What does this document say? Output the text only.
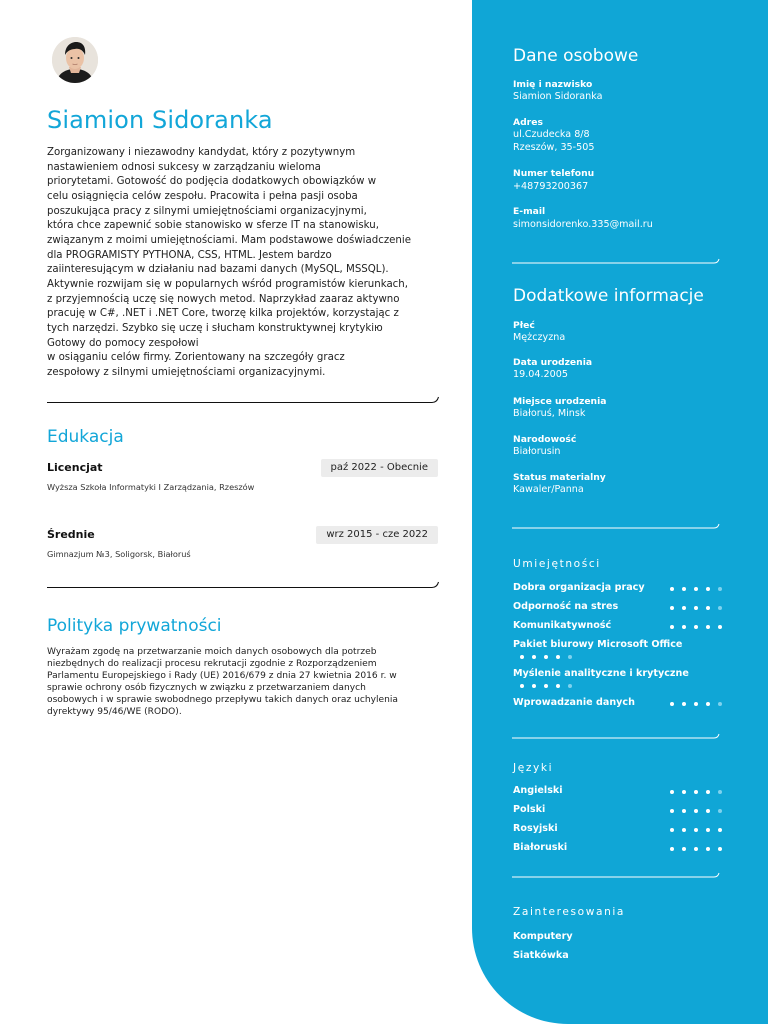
Siamion Sidoranka
Zorganizowany i niezawodny kandydat, który z pozytywnym
nastawieniem odnosi sukcesy w zarządzaniu wieloma
priorytetami. Gotowość do podjęcia dodatkowych obowiązków w
celu osiągnięcia celów zespołu. Pracowita i pełna pasji osoba
poszukująca pracy z silnymi umiejętnościami organizacyjnymi,
która chce zapewnić sobie stanowisko w sferze IT na stanowisku,
związanym z moimi umiejętnościami. Mam podstawowe doświadczenie
dla PROGRAMISTY PYTHONA, CSS, HTML. Jestem bardzo
zaiinteresującym w działaniu nad bazami danych (MySQL, MSSQL).
Aktywnie rozwijam się w popularnych wśród programistów kierunkach,
z przyjemnością uczę się nowych metod. Naprzykład zaaraz aktywno
pracuję w C#, .NET i .NET Core, tworzę kilka projektów, korzystając z
tych narzędzi. Szybko się uczę i słucham konstruktywnej krytykiю
Gotowy do pomocy zespołowi
w osiąganiu celów firmy. Zorientowany na szczegóły gracz
zespołowy z silnymi umiejętnościami organizacyjnymi.
Edukacja
Licencjat	paź 2022 - Obecnie
Wyższa Szkoła Informatyki I Zarządzania, Rzeszów
Średnie	wrz 2015 - cze 2022
Gimnazjum №3, Soligorsk, Białoruś
Polityka prywatności
Wyrażam zgodę na przetwarzanie moich danych osobowych dla potrzeb
niezbędnych do realizacji procesu rekrutacji zgodnie z Rozporządzeniem
Parlamentu Europejskiego i Rady (UE) 2016/679 z dnia 27 kwietnia 2016 r. w
sprawie ochrony osób fizycznych w związku z przetwarzaniem danych
osobowych i w sprawie swobodnego przepływu takich danych oraz uchylenia
dyrektywy 95/46/WE (RODO).
Dane osobowe
Imię i nazwisko
Siamion Sidoranka
Adres
ul.Czudecka 8/8
Rzeszów, 35-505
Numer telefonu
+48793200367
E-mail
simonsidorenko.335@mail.ru
Dodatkowe informacje
Płeć
Mężczyzna
Data urodzenia
19.04.2005
Miejsce urodzenia
Białoruś, Minsk
Narodowość
Białorusin
Status materialny
Kawaler/Panna
Umiejętności
Dobra organizacja pracy
Odporność na stres
Komunikatywność
Pakiet biurowy Microsoft Office
Myślenie analityczne i krytyczne
Wprowadzanie danych
Języki
Angielski
Polski
Rosyjski
Białoruski
Zainteresowania
Komputery
Siatkówka
